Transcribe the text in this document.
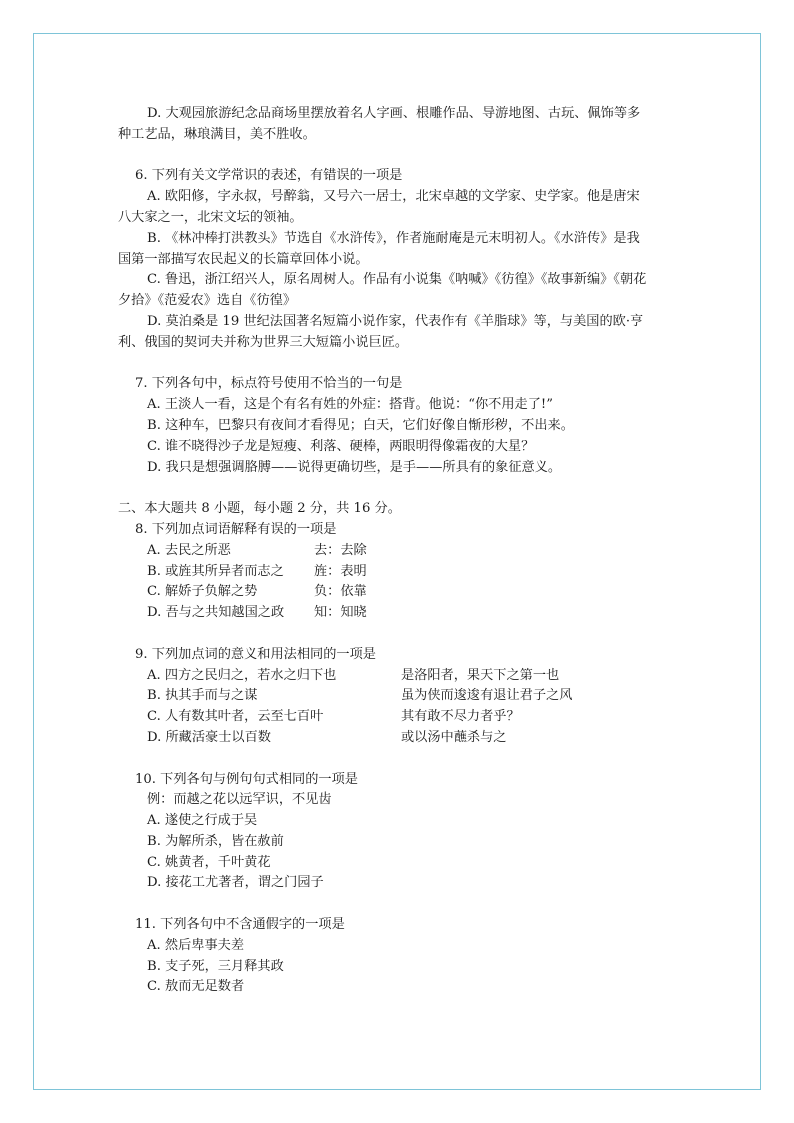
D. 大观园旅游纪念品商场里摆放着名人字画、根雕作品、导游地图、古玩、佩饰等多

种工艺品，琳琅满目，美不胜收。

6. 下列有关文学常识的表述，有错误的一项是

A. 欧阳修，字永叔，号醉翁，又号六一居士，北宋卓越的文学家、史学家。他是唐宋

八大家之一，北宋文坛的领袖。

B. 《林冲棒打洪教头》节选自《水浒传》，作者施耐庵是元末明初人。《水浒传》是我

国第一部描写农民起义的长篇章回体小说。

C. 鲁迅，浙江绍兴人，原名周树人。作品有小说集《呐喊》《彷徨》《故事新编》《朝花

夕拾》《范爱农》选自《彷徨》

D. 莫泊桑是 19 世纪法国著名短篇小说作家，代表作有《羊脂球》等，与美国的欧·亨

利、俄国的契诃夫并称为世界三大短篇小说巨匠。

7. 下列各句中，标点符号使用不恰当的一句是

A. 王淡人一看，这是个有名有姓的外症：搭背。他说：“你不用走了!”

B. 这种车，巴黎只有夜间才看得见；白天，它们好像自惭形秽，不出来。

C. 谁不晓得沙子龙是短瘦、利落、硬棒，两眼明得像霜夜的大星？

D. 我只是想强调胳膊——说得更确切些，是手——所具有的象征意义。

二、本大题共 8 小题，每小题 2 分，共 16 分。

8. 下列加点词语解释有误的一项是

A. 去民之所恶	去：去除
B. 或旌其所异者而志之	旌：表明
C. 解娇子负解之势	负：依靠
D. 吾与之共知越国之政	知：知晓

9. 下列加点词的意义和用法相同的一项是

A. 四方之民归之，若水之归下也	是洛阳者，果天下之第一也
B. 执其手而与之谋	虽为侠而逡逡有退让君子之风
C. 人有数其叶者，云至七百叶	其有敢不尽力者乎？
D. 所藏活豪士以百数	或以汤中蘸杀与之

10. 下列各句与例句句式相同的一项是

例：而越之花以远罕识，不见齿

A. 遂使之行成于吴

B. 为解所杀，皆在赦前

C. 姚黄者，千叶黄花

D. 接花工尤著者，谓之门园子

11. 下列各句中不含通假字的一项是

A. 然后卑事夫差

B. 支子死，三月释其政

C. 敖而无足数者
